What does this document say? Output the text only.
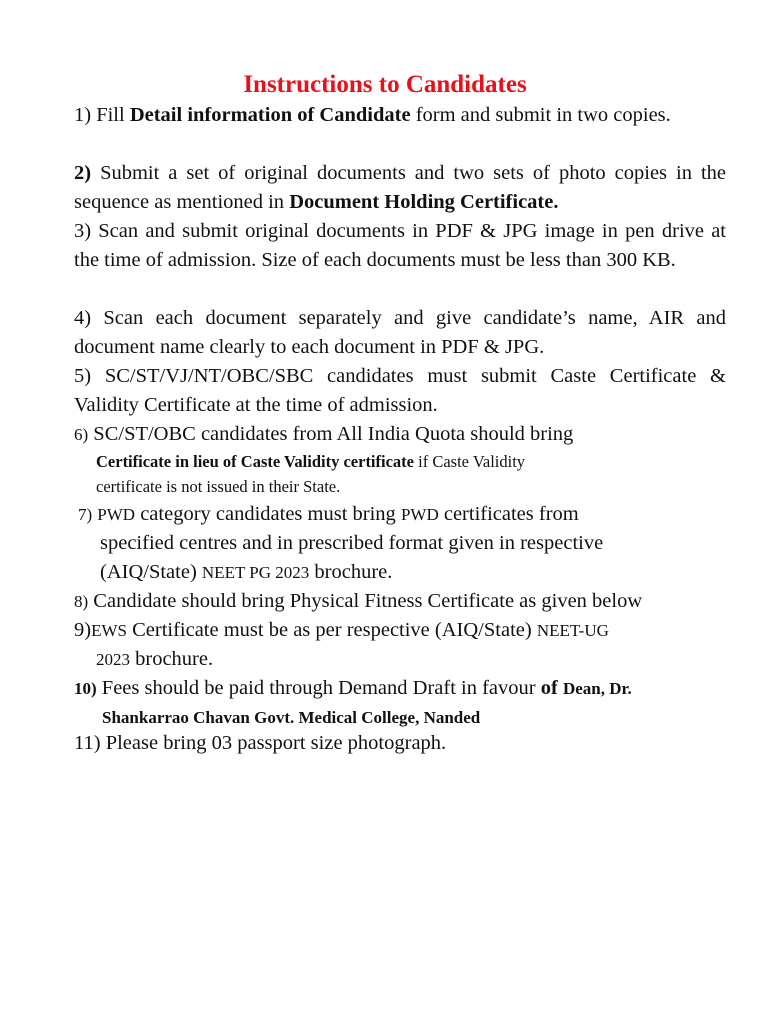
Instructions to Candidates
1) Fill Detail information of Candidate form and submit in two copies.
2) Submit a set of original documents and two sets of photo copies in the sequence as mentioned in Document Holding Certificate.
3) Scan and submit original documents in PDF & JPG image in pen drive at the time of admission. Size of each documents must be less than 300 KB.
4) Scan each document separately and give candidate’s name, AIR and document name clearly to each document in PDF & JPG.
5) SC/ST/VJ/NT/OBC/SBC candidates must submit Caste Certificate & Validity Certificate at the time of admission.
6) SC/ST/OBC candidates from All India Quota should bring
Certificate in lieu of Caste Validity certificate if Caste Validity
certificate is not issued in their State.
7) PWD category candidates must bring PWD certificates from
specified centres and in prescribed format given in respective
(AIQ/State) NEET PG 2023 brochure.
8) Candidate should bring Physical Fitness Certificate as given below
9)EWS Certificate must be as per respective (AIQ/State) NEET-UG
2023 brochure.
10) Fees should be paid through Demand Draft in favour of Dean, Dr.
Shankarrao Chavan Govt. Medical College, Nanded
11) Please bring 03 passport size photograph.
